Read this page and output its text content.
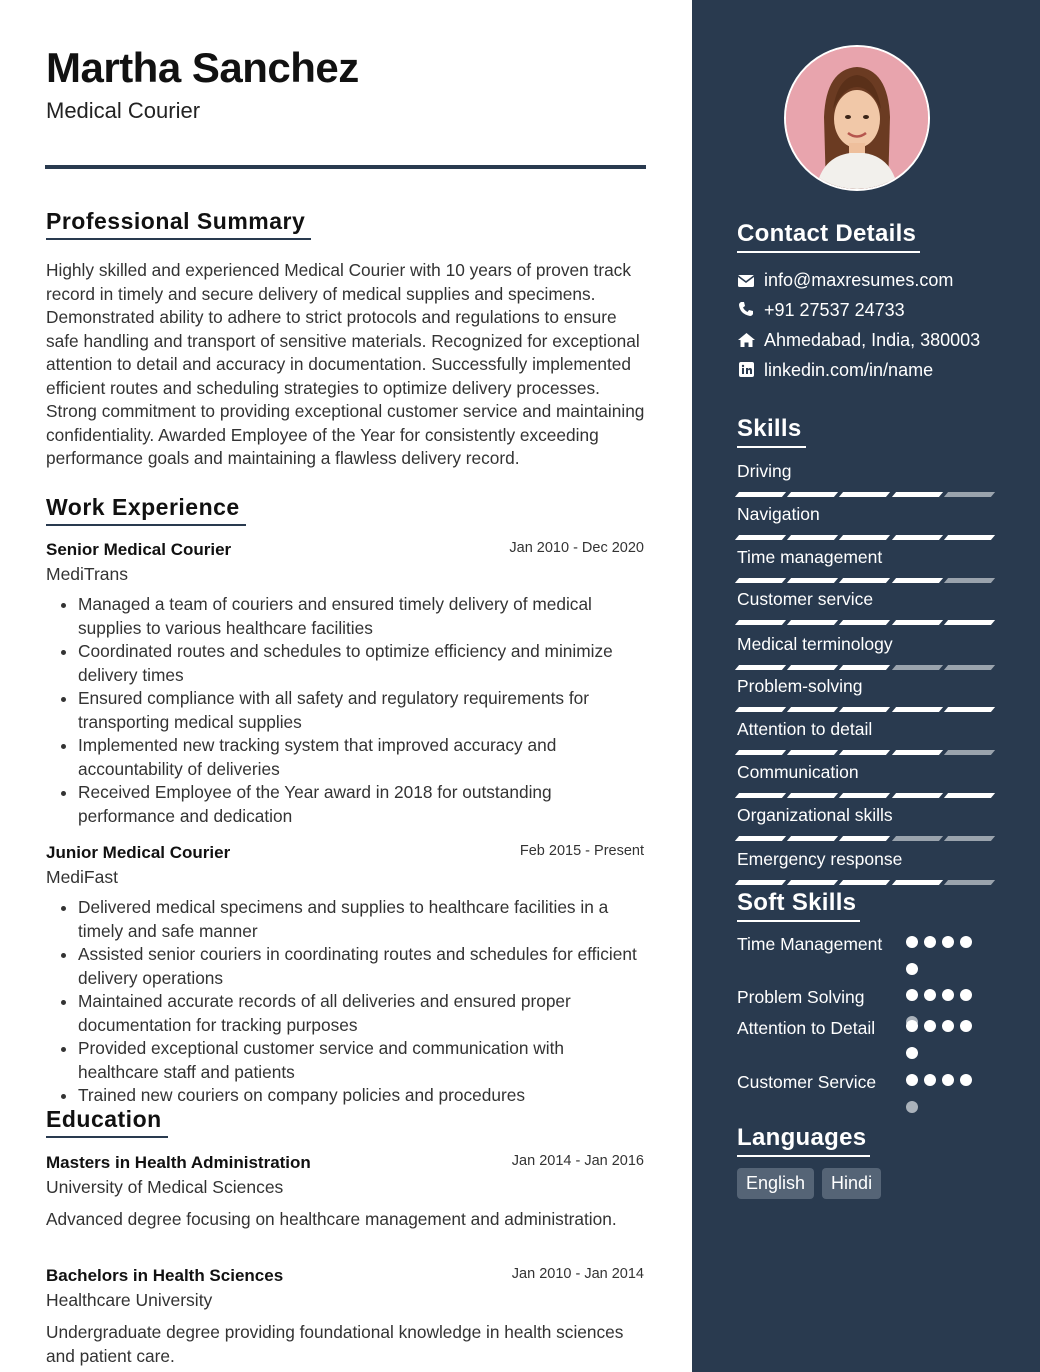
Martha Sanchez
Medical Courier
Professional Summary
Highly skilled and experienced Medical Courier with 10 years of proven track record in timely and secure delivery of medical supplies and specimens. Demonstrated ability to adhere to strict protocols and regulations to ensure safe handling and transport of sensitive materials. Recognized for exceptional attention to detail and accuracy in documentation. Successfully implemented efficient routes and scheduling strategies to optimize delivery processes. Strong commitment to providing exceptional customer service and maintaining confidentiality. Awarded Employee of the Year for consistently exceeding performance goals and maintaining a flawless delivery record.
Work Experience
Senior Medical Courier	Jan 2010 - Dec 2020
MediTrans
• Managed a team of couriers and ensured timely delivery of medical supplies to various healthcare facilities
• Coordinated routes and schedules to optimize efficiency and minimize delivery times
• Ensured compliance with all safety and regulatory requirements for transporting medical supplies
• Implemented new tracking system that improved accuracy and accountability of deliveries
• Received Employee of the Year award in 2018 for outstanding performance and dedication
Junior Medical Courier	Feb 2015 - Present
MediFast
• Delivered medical specimens and supplies to healthcare facilities in a timely and safe manner
• Assisted senior couriers in coordinating routes and schedules for efficient delivery operations
• Maintained accurate records of all deliveries and ensured proper documentation for tracking purposes
• Provided exceptional customer service and communication with healthcare staff and patients
• Trained new couriers on company policies and procedures
Education
Masters in Health Administration	Jan 2014 - Jan 2016
University of Medical Sciences
Advanced degree focusing on healthcare management and administration.
Bachelors in Health Sciences	Jan 2010 - Jan 2014
Healthcare University
Undergraduate degree providing foundational knowledge in health sciences and patient care.
Contact Details
info@maxresumes.com
+91 27537 24733
Ahmedabad, India, 380003
linkedin.com/in/name
Skills
Driving
Navigation
Time management
Customer service
Medical terminology
Problem-solving
Attention to detail
Communication
Organizational skills
Emergency response
Soft Skills
Time Management
Problem Solving
Attention to Detail
Customer Service
Languages
English	Hindi
